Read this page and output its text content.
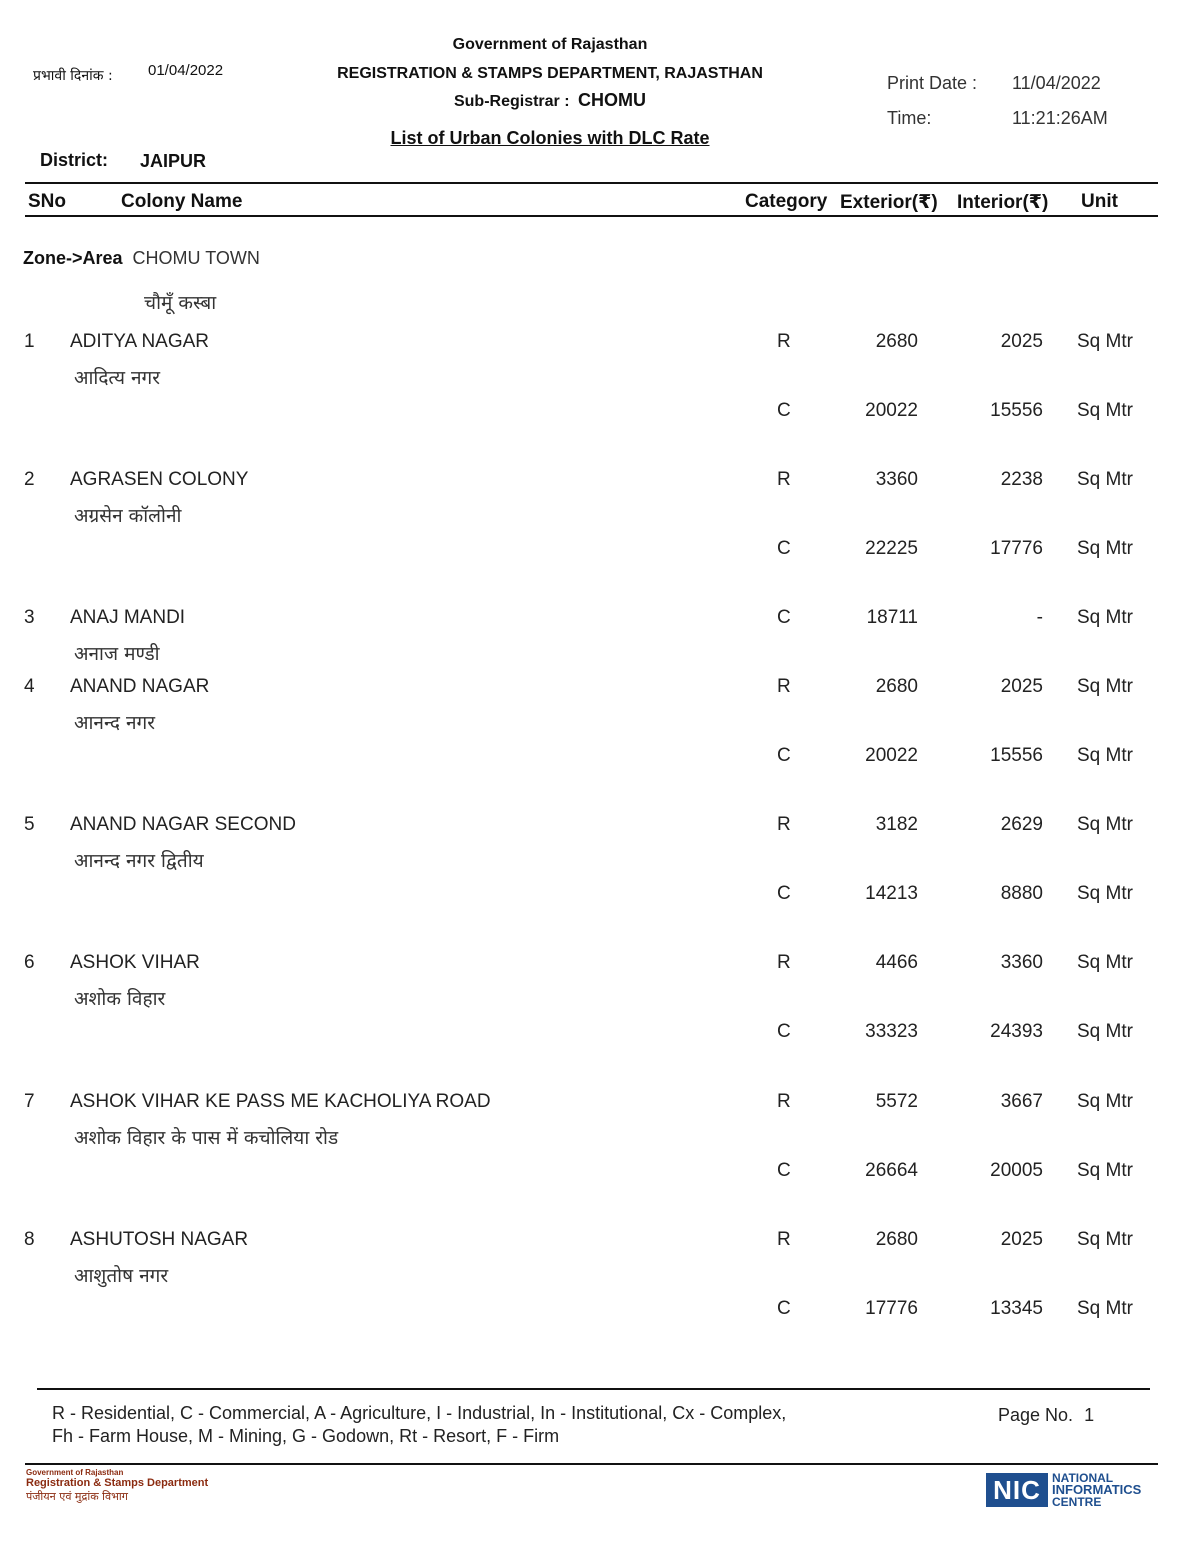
प्रभावी दिनांक : 01/04/2022
Government of Rajasthan
REGISTRATION & STAMPS DEPARTMENT, RAJASTHAN
Sub-Registrar : CHOMU
List of Urban Colonies with DLC Rate
Print Date : 11/04/2022
Time:	11:21:26AM
District: JAIPUR
SNo	Colony Name	Category Exterior(₹) Interior(₹) Unit
Zone->Area CHOMU TOWN
चौमूँ कस्बा
1 ADITYA NAGAR
आदित्य नगर
R	2680	2025 Sq Mtr
C	20022	15556 Sq Mtr
2 AGRASEN COLONY
अग्रसेन कॉलोनी
R	3360	2238 Sq Mtr
C	22225	17776 Sq Mtr
3 ANAJ MANDI
अनाज मण्डी
C	18711	- Sq Mtr
4 ANAND NAGAR
आनन्द नगर
R	2680	2025 Sq Mtr
C	20022	15556 Sq Mtr
5 ANAND NAGAR SECOND
आनन्द नगर द्वितीय
R	3182	2629 Sq Mtr
C	14213	8880 Sq Mtr
6 ASHOK VIHAR
अशोक विहार
R	4466	3360 Sq Mtr
C	33323	24393 Sq Mtr
7 ASHOK VIHAR KE PASS ME KACHOLIYA ROAD
अशोक विहार के पास में कचोलिया रोड
R	5572	3667 Sq Mtr
C	26664	20005 Sq Mtr
8 ASHUTOSH NAGAR
आशुतोष नगर
R	2680	2025 Sq Mtr
C	17776	13345 Sq Mtr
R - Residential, C - Commercial, A - Agriculture, I - Industrial, In - Institutional, Cx - Complex,
Fh - Farm House, M - Mining, G - Godown, Rt - Resort, F - Firm
Page No. 1
Government of Rajasthan
Registration & Stamps Department
पंजीयन एवं मुद्रांक विभाग	NIC NATIONAL
INFORMATICS
CENTRE
